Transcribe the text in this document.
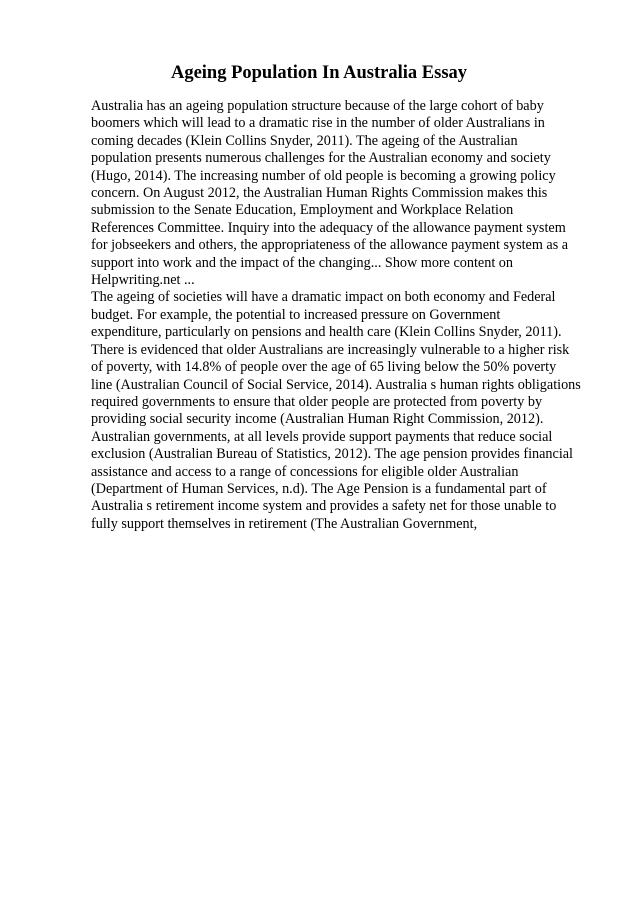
Ageing Population In Australia Essay
Australia has an ageing population structure because of the large cohort of baby
boomers which will lead to a dramatic rise in the number of older Australians in
coming decades (Klein Collins Snyder, 2011). The ageing of the Australian
population presents numerous challenges for the Australian economy and society
(Hugo, 2014). The increasing number of old people is becoming a growing policy
concern. On August 2012, the Australian Human Rights Commission makes this
submission to the Senate Education, Employment and Workplace Relation
References Committee. Inquiry into the adequacy of the allowance payment system
for jobseekers and others, the appropriateness of the allowance payment system as a
support into work and the impact of the changing... Show more content on
Helpwriting.net ...
The ageing of societies will have a dramatic impact on both economy and Federal
budget. For example, the potential to increased pressure on Government
expenditure, particularly on pensions and health care (Klein Collins Snyder, 2011).
There is evidenced that older Australians are increasingly vulnerable to a higher risk
of poverty, with 14.8% of people over the age of 65 living below the 50% poverty
line (Australian Council of Social Service, 2014). Australia s human rights obligations
required governments to ensure that older people are protected from poverty by
providing social security income (Australian Human Right Commission, 2012).
Australian governments, at all levels provide support payments that reduce social
exclusion (Australian Bureau of Statistics, 2012). The age pension provides financial
assistance and access to a range of concessions for eligible older Australian
(Department of Human Services, n.d). The Age Pension is a fundamental part of
Australia s retirement income system and provides a safety net for those unable to
fully support themselves in retirement (The Australian Government,
